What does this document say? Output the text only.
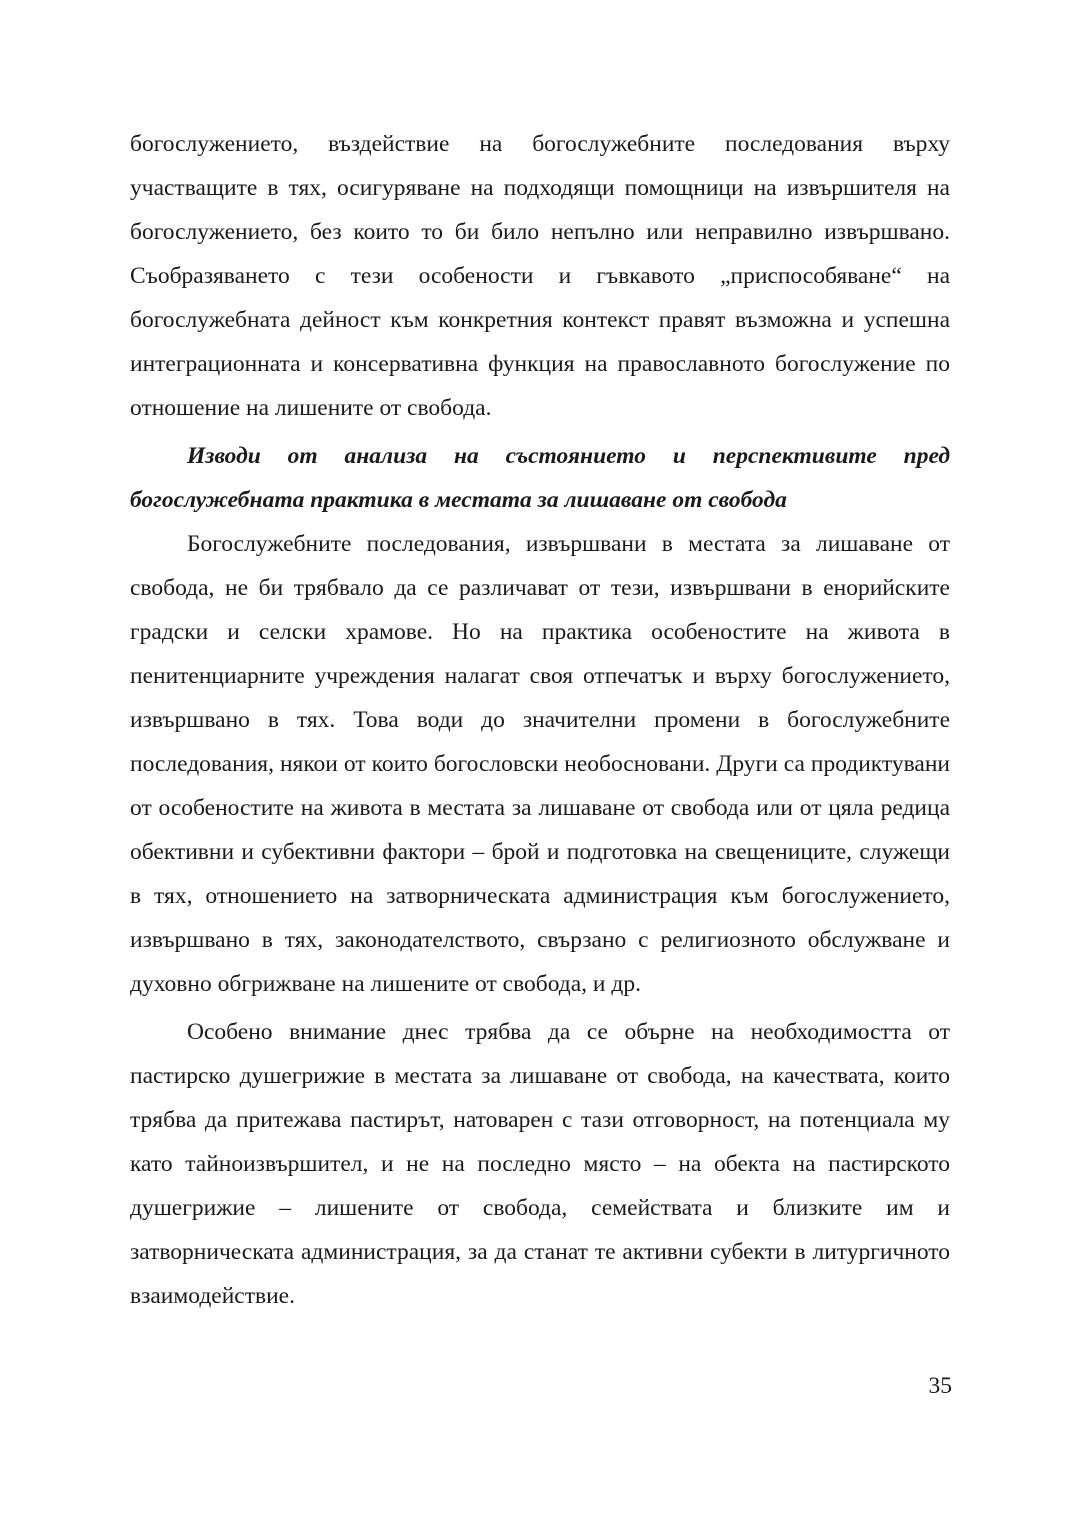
богослужението, въздействие на богослужебните последования върху участващите в тях, осигуряване на подходящи помощници на извършителя на богослужението, без които то би било непълно или неправилно извършвано. Съобразяването с тези особености и гъвкавото „приспособяване“ на богослужебната дейност към конкретния контекст правят възможна и успешна интеграционната и консервативна функция на православното богослужение по отношение на лишените от свобода.

Изводи от анализа на състоянието и перспективите пред богослужебната практика в местата за лишаване от свобода

Богослужебните последования, извършвани в местата за лишаване от свобода, не би трябвало да се различават от тези, извършвани в енорийските градски и селски храмове. Но на практика особеностите на живота в пенитенциарните учреждения налагат своя отпечатък и върху богослужението, извършвано в тях. Това води до значителни промени в богослужебните последования, някои от които богословски необосновани. Други са продиктувани от особеностите на живота в местата за лишаване от свобода или от цяла редица обективни и субективни фактори – брой и подготовка на свещениците, служещи в тях, отношението на затворническата администрация към богослужението, извършвано в тях, законодателството, свързано с религиозното обслужване и духовно обгрижване на лишените от свобода, и др.

Особено внимание днес трябва да се обърне на необходимостта от пастирско душегрижие в местата за лишаване от свобода, на качествата, които трябва да притежава пастирът, натоварен с тази отговорност, на потенциала му като тайноизвършител, и не на последно място – на обекта на пастирското душегрижие – лишените от свобода, семействата и близките им и затворническата администрация, за да станат те активни субекти в литургичното взаимодействие.

35
